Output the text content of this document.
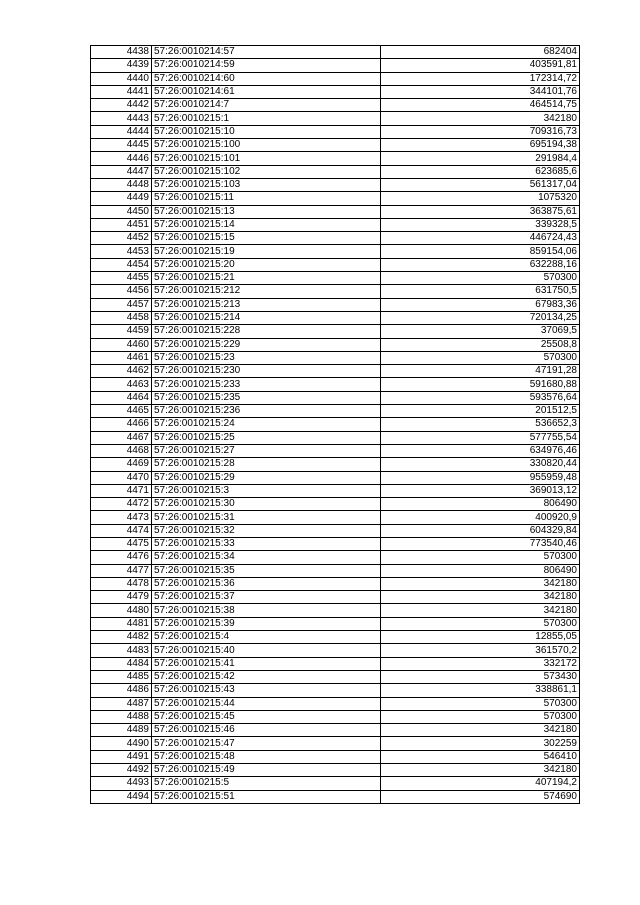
4438	57:26:0010214:57	682404
4439	57:26:0010214:59	403591,81
4440	57:26:0010214:60	172314,72
4441	57:26:0010214:61	344101,76
4442	57:26:0010214:7	464514,75
4443	57:26:0010215:1	342180
4444	57:26:0010215:10	709316,73
4445	57:26:0010215:100	695194,38
4446	57:26:0010215:101	291984,4
4447	57:26:0010215:102	623685,6
4448	57:26:0010215:103	561317,04
4449	57:26:0010215:11	1075320
4450	57:26:0010215:13	363875,61
4451	57:26:0010215:14	339328,5
4452	57:26:0010215:15	446724,43
4453	57:26:0010215:19	859154,06
4454	57:26:0010215:20	632288,16
4455	57:26:0010215:21	570300
4456	57:26:0010215:212	631750,5
4457	57:26:0010215:213	67983,36
4458	57:26:0010215:214	720134,25
4459	57:26:0010215:228	37069,5
4460	57:26:0010215:229	25508,8
4461	57:26:0010215:23	570300
4462	57:26:0010215:230	47191,28
4463	57:26:0010215:233	591680,88
4464	57:26:0010215:235	593576,64
4465	57:26:0010215:236	201512,5
4466	57:26:0010215:24	536652,3
4467	57:26:0010215:25	577755,54
4468	57:26:0010215:27	634976,46
4469	57:26:0010215:28	330820,44
4470	57:26:0010215:29	955959,48
4471	57:26:0010215:3	369013,12
4472	57:26:0010215:30	806490
4473	57:26:0010215:31	400920,9
4474	57:26:0010215:32	604329,84
4475	57:26:0010215:33	773540,46
4476	57:26:0010215:34	570300
4477	57:26:0010215:35	806490
4478	57:26:0010215:36	342180
4479	57:26:0010215:37	342180
4480	57:26:0010215:38	342180
4481	57:26:0010215:39	570300
4482	57:26:0010215:4	12855,05
4483	57:26:0010215:40	361570,2
4484	57:26:0010215:41	332172
4485	57:26:0010215:42	573430
4486	57:26:0010215:43	338861,1
4487	57:26:0010215:44	570300
4488	57:26:0010215:45	570300
4489	57:26:0010215:46	342180
4490	57:26:0010215:47	302259
4491	57:26:0010215:48	546410
4492	57:26:0010215:49	342180
4493	57:26:0010215:5	407194,2
4494	57:26:0010215:51	574690
